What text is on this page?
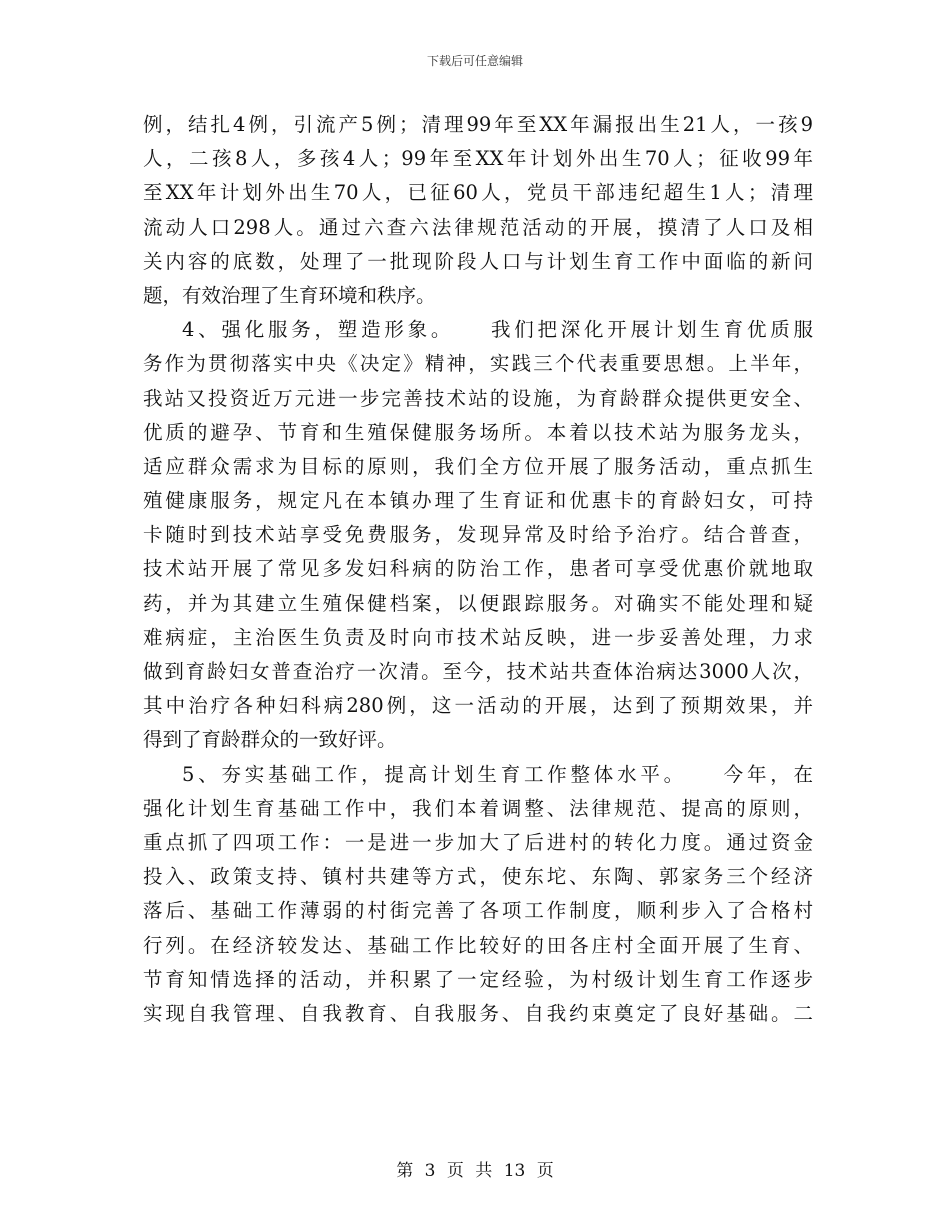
下载后可任意编辑
例，结扎4例，引流产5例；清理99年至XX年漏报出生21人，一孩9
人，二孩8人，多孩4人；99年至XX年计划外出生70人；征收99年
至XX年计划外出生70人，已征60人，党员干部违纪超生1人；清理
流动人口298人。通过六查六法律规范活动的开展，摸清了人口及相
关内容的底数，处理了一批现阶段人口与计划生育工作中面临的新问
题，有效治理了生育环境和秩序。
4、强化服务，塑造形象。　　我们把深化开展计划生育优质服
务作为贯彻落实中央《决定》精神，实践三个代表重要思想。上半年，
我站又投资近万元进一步完善技术站的设施，为育龄群众提供更安全、
优质的避孕、节育和生殖保健服务场所。本着以技术站为服务龙头，
适应群众需求为目标的原则，我们全方位开展了服务活动，重点抓生
殖健康服务，规定凡在本镇办理了生育证和优惠卡的育龄妇女，可持
卡随时到技术站享受免费服务，发现异常及时给予治疗。结合普查，
技术站开展了常见多发妇科病的防治工作，患者可享受优惠价就地取
药，并为其建立生殖保健档案，以便跟踪服务。对确实不能处理和疑
难病症，主治医生负责及时向市技术站反映，进一步妥善处理，力求
做到育龄妇女普查治疗一次清。至今，技术站共查体治病达3000人次，
其中治疗各种妇科病280例，这一活动的开展，达到了预期效果，并
得到了育龄群众的一致好评。
5、夯实基础工作，提高计划生育工作整体水平。　　今年，在
强化计划生育基础工作中，我们本着调整、法律规范、提高的原则，
重点抓了四项工作：一是进一步加大了后进村的转化力度。通过资金
投入、政策支持、镇村共建等方式，使东坨、东陶、郭家务三个经济
落后、基础工作薄弱的村街完善了各项工作制度，顺利步入了合格村
行列。在经济较发达、基础工作比较好的田各庄村全面开展了生育、
节育知情选择的活动，并积累了一定经验，为村级计划生育工作逐步
实现自我管理、自我教育、自我服务、自我约束奠定了良好基础。二
第 3 页 共 13 页
